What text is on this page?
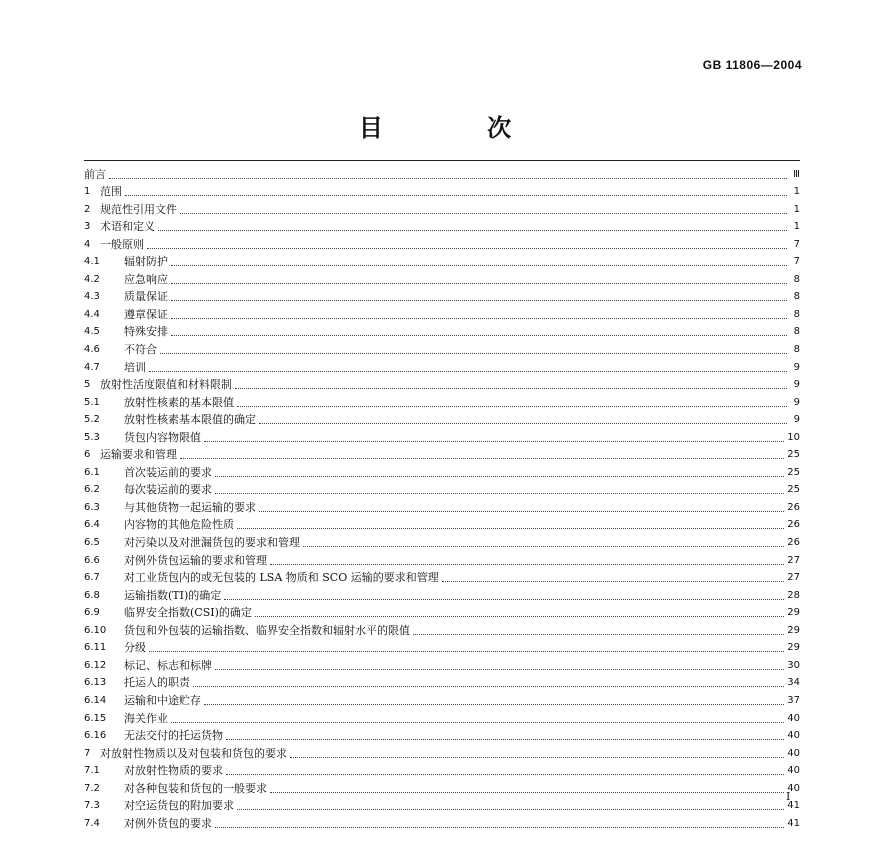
GB 11806—2004
目 次
前言	Ⅲ
1 范围	1
2 规范性引用文件	1
3 术语和定义	1
4 一般原则	7
4.1	辐射防护	7
4.2	应急响应	8
4.3	质量保证	8
4.4	遵章保证	8
4.5	特殊安排	8
4.6	不符合	8
4.7	培训	9
5 放射性活度限值和材料限制	9
5.1	放射性核素的基本限值	9
5.2	放射性核素基本限值的确定	9
5.3	货包内容物限值	10
6 运输要求和管理	25
6.1	首次装运前的要求	25
6.2	每次装运前的要求	25
6.3	与其他货物一起运输的要求	26
6.4	内容物的其他危险性质	26
6.5	对污染以及对泄漏货包的要求和管理	26
6.6	对例外货包运输的要求和管理	27
6.7	对工业货包内的或无包装的 LSA 物质和 SCO 运输的要求和管理	27
6.8	运输指数(TI)的确定	28
6.9	临界安全指数(CSI)的确定	29
6.10	货包和外包装的运输指数、临界安全指数和辐射水平的限值	29
6.11	分级	29
6.12	标记、标志和标牌	30
6.13	托运人的职责	34
6.14	运输和中途贮存	37
6.15	海关作业	40
6.16	无法交付的托运货物	40
7 对放射性物质以及对包装和货包的要求	40
7.1	对放射性物质的要求	40
7.2	对各种包装和货包的一般要求	40
7.3	对空运货包的附加要求	41
7.4	对例外货包的要求	41
I
